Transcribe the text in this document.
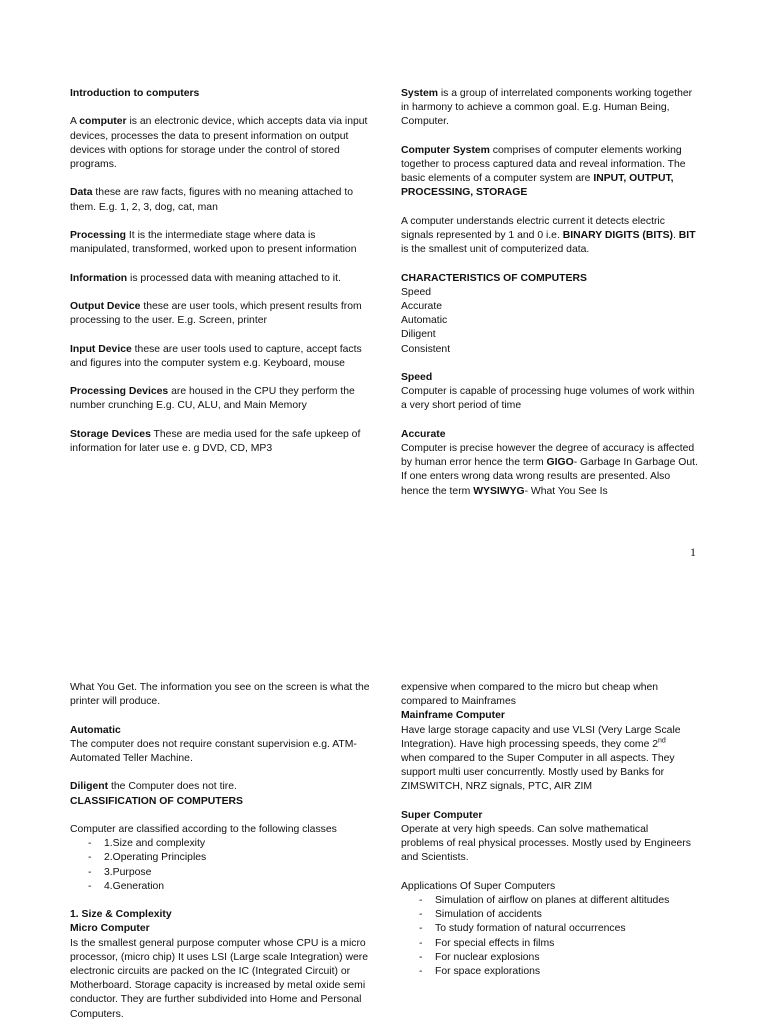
Introduction to computers

A computer is an electronic device, which accepts data via input devices, processes the data to present information on output devices with options for storage under the control of stored programs.

Data these are raw facts, figures with no meaning attached to them. E.g. 1, 2, 3, dog, cat, man

Processing It is the intermediate stage where data is manipulated, transformed, worked upon to present information

Information is processed data with meaning attached to it.

Output Device these are user tools, which present results from processing to the user. E.g. Screen, printer

Input Device these are user tools used to capture, accept facts and figures into the computer system e.g. Keyboard, mouse

Processing Devices are housed in the CPU they perform the number crunching E.g. CU, ALU, and Main Memory

Storage Devices These are media used for the safe upkeep of information for later use e. g DVD, CD, MP3

System is a group of interrelated components working together in harmony to achieve a common goal. E.g. Human Being, Computer.

Computer System comprises of computer elements working together to process captured data and reveal information. The basic elements of a computer system are INPUT, OUTPUT, PROCESSING, STORAGE

A computer understands electric current it detects electric signals represented by 1 and 0 i.e. BINARY DIGITS (BITS). BIT is the smallest unit of computerized data.

CHARACTERISTICS OF COMPUTERS
Speed
Accurate
Automatic
Diligent
Consistent

Speed
Computer is capable of processing huge volumes of work within a very short period of time

Accurate
Computer is precise however the degree of accuracy is affected by human error hence the term GIGO- Garbage In Garbage Out. If one enters wrong data wrong results are presented. Also hence the term WYSIWYG- What You See Is

1

What You Get. The information you see on the screen is what the printer will produce.

Automatic
The computer does not require constant supervision e.g. ATM-Automated Teller Machine.

Diligent the Computer does not tire.
CLASSIFICATION OF COMPUTERS

Computer are classified according to the following classes

- 1.Size and complexity
- 2.Operating Principles
- 3.Purpose
- 4.Generation

1. Size & Complexity
Micro Computer
Is the smallest general purpose computer whose CPU is a micro processor, (micro chip) It uses LSI (Large scale Integration) were electronic circuits are packed on the IC (Integrated Circuit) or Motherboard. Storage capacity is increased by metal oxide semi conductor. They are further subdivided into Home and Personal Computers.

expensive when compared to the micro but cheap when compared to Mainframes

Mainframe Computer
Have large storage capacity and use VLSI (Very Large Scale Integration). Have high processing speeds, they come 2nd when compared to the Super Computer in all aspects. They support multi user concurrently. Mostly used by Banks for ZIMSWITCH, NRZ signals, PTC, AIR ZIM

Super Computer
Operate at very high speeds. Can solve mathematical problems of real physical processes. Mostly used by Engineers and Scientists.

Applications Of Super Computers

- Simulation of airflow on planes at different altitudes
- Simulation of accidents
- To study formation of natural occurrences
- For special effects in films
- For nuclear explosions
- For space explorations
